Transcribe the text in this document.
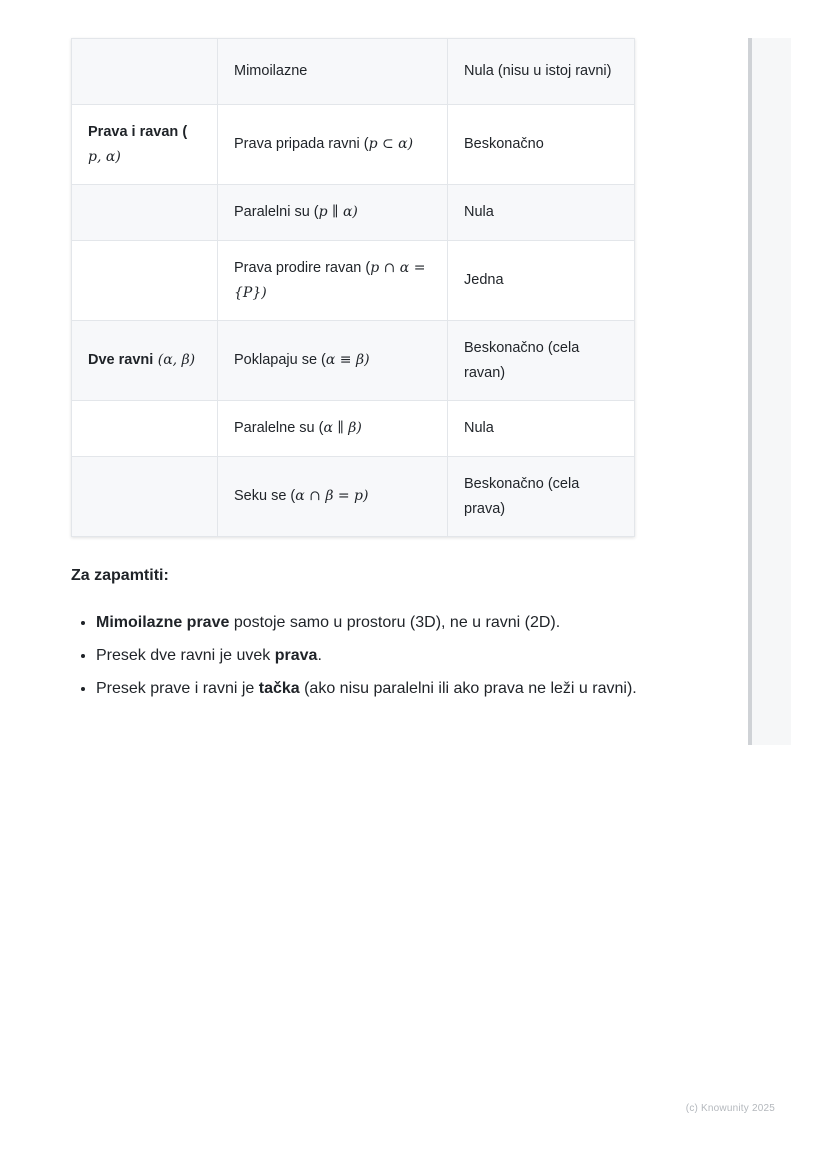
	Mimoilazne	Nula (nisu u istoj ravni)
Prava i ravan (
p, α)	Prava pripada ravni (p ⊂ α)	Beskonačno
	Paralelni su (p ∥ α)	Nula
	Prava prodire ravan (p ∩ α = {P})	Jedna
Dve ravni (α, β)	Poklapaju se (α ≡ β)	Beskonačno (cela ravan)
	Paralelne su (α ∥ β)	Nula
	Seku se (α ∩ β = p)	Beskonačno (cela prava)

Za zapamtiti:

• Mimoilazne prave postoje samo u prostoru (3D), ne u ravni (2D).
• Presek dve ravni je uvek prava.
• Presek prave i ravni je tačka (ako nisu paralelni ili ako prava ne leži u ravni).
(c) Knowunity 2025
